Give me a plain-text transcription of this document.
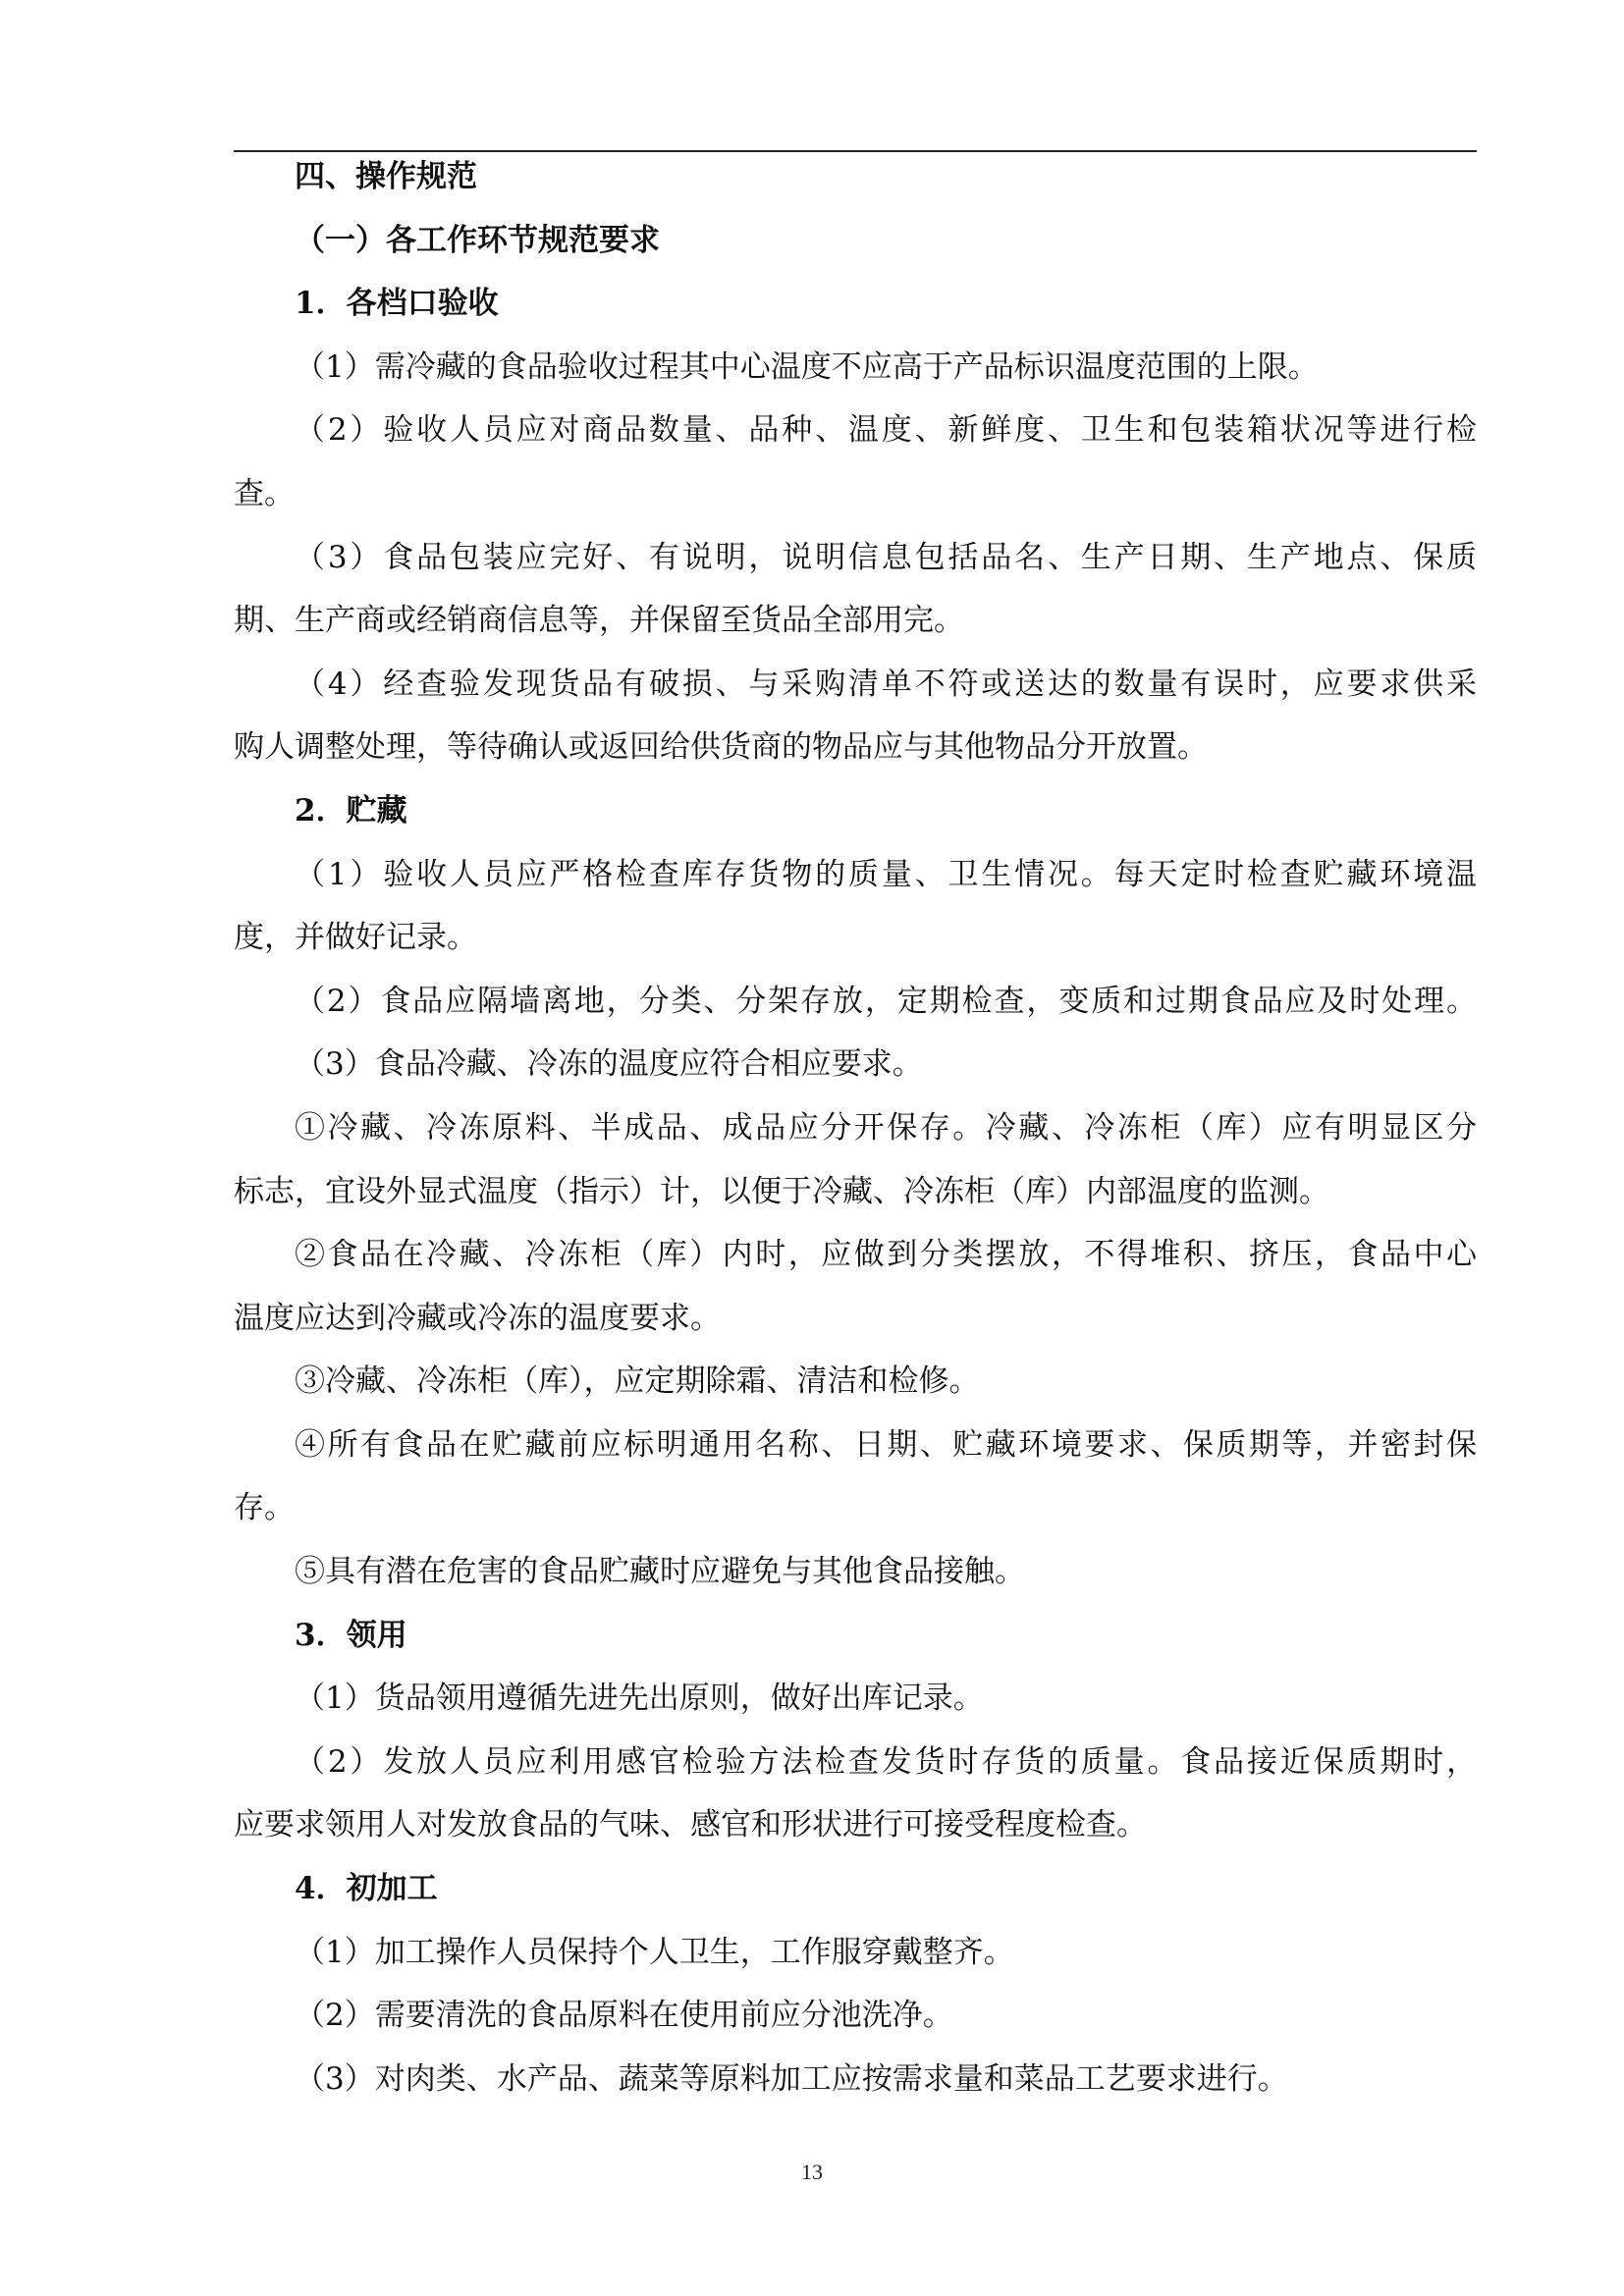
四、操作规范
（一）各工作环节规范要求
1．各档口验收
（1）需冷藏的食品验收过程其中心温度不应高于产品标识温度范围的上限。
（2）验收人员应对商品数量、品种、温度、新鲜度、卫生和包装箱状况等进行检
查。
（3）食品包装应完好、有说明，说明信息包括品名、生产日期、生产地点、保质
期、生产商或经销商信息等，并保留至货品全部用完。
（4）经查验发现货品有破损、与采购清单不符或送达的数量有误时，应要求供采
购人调整处理，等待确认或返回给供货商的物品应与其他物品分开放置。
2．贮藏
（1）验收人员应严格检查库存货物的质量、卫生情况。每天定时检查贮藏环境温
度，并做好记录。
（2）食品应隔墙离地，分类、分架存放，定期检查，变质和过期食品应及时处理。
（3）食品冷藏、冷冻的温度应符合相应要求。
①冷藏、冷冻原料、半成品、成品应分开保存。冷藏、冷冻柜（库）应有明显区分
标志，宜设外显式温度（指示）计，以便于冷藏、冷冻柜（库）内部温度的监测。
②食品在冷藏、冷冻柜（库）内时，应做到分类摆放，不得堆积、挤压，食品中心
温度应达到冷藏或冷冻的温度要求。
③冷藏、冷冻柜（库），应定期除霜、清洁和检修。
④所有食品在贮藏前应标明通用名称、日期、贮藏环境要求、保质期等，并密封保
存。
⑤具有潜在危害的食品贮藏时应避免与其他食品接触。
3．领用
（1）货品领用遵循先进先出原则，做好出库记录。
（2）发放人员应利用感官检验方法检查发货时存货的质量。食品接近保质期时，
应要求领用人对发放食品的气味、感官和形状进行可接受程度检查。
4．初加工
（1）加工操作人员保持个人卫生，工作服穿戴整齐。
（2）需要清洗的食品原料在使用前应分池洗净。
（3）对肉类、水产品、蔬菜等原料加工应按需求量和菜品工艺要求进行。
13
